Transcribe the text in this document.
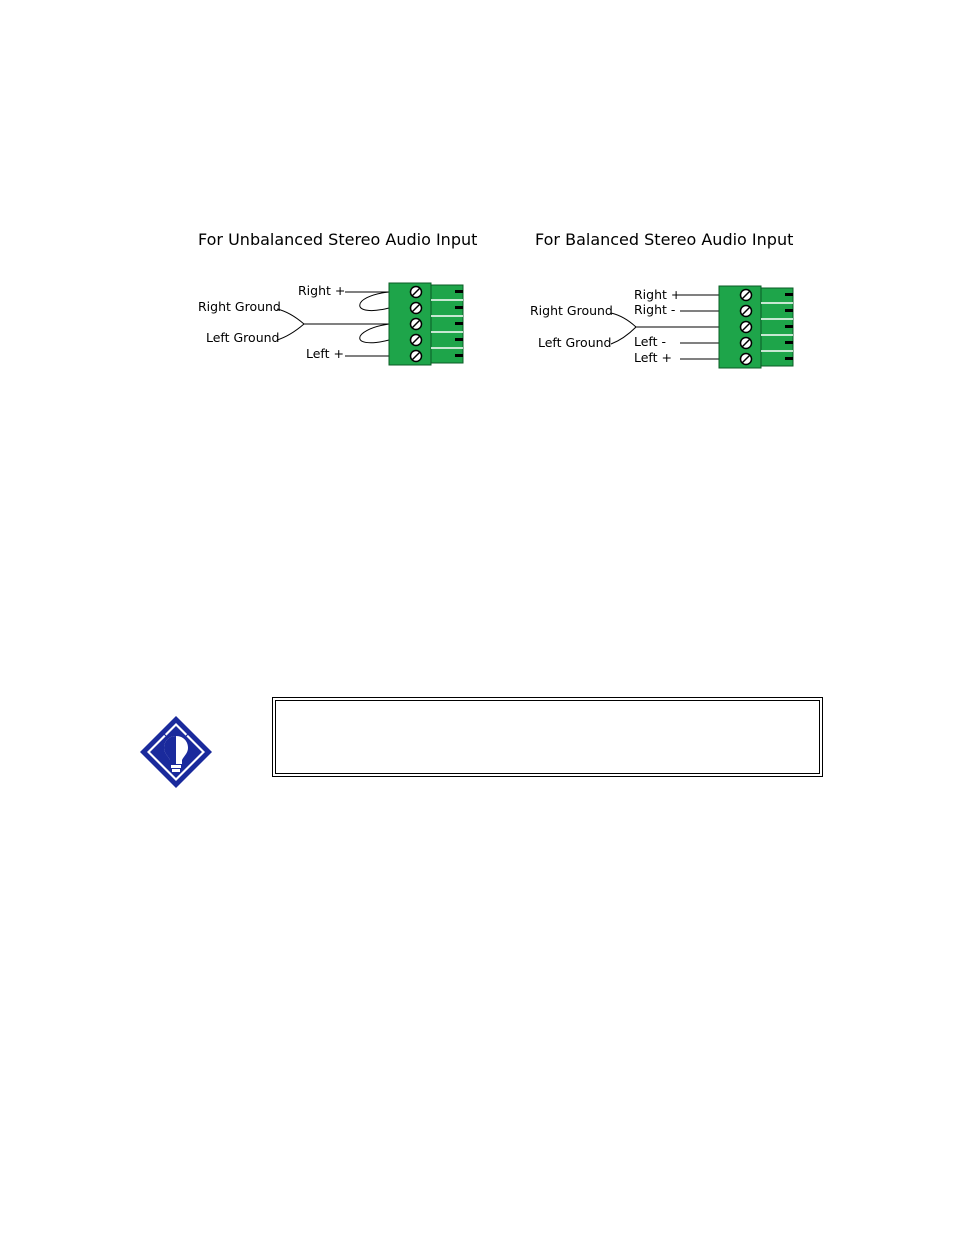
For Unbalanced Stereo Audio Input	For Balanced Stereo Audio Input
Right +
Right Ground
Left Ground
Left +
Right +
Right -
Right Ground
Left Ground Left -
Left +
